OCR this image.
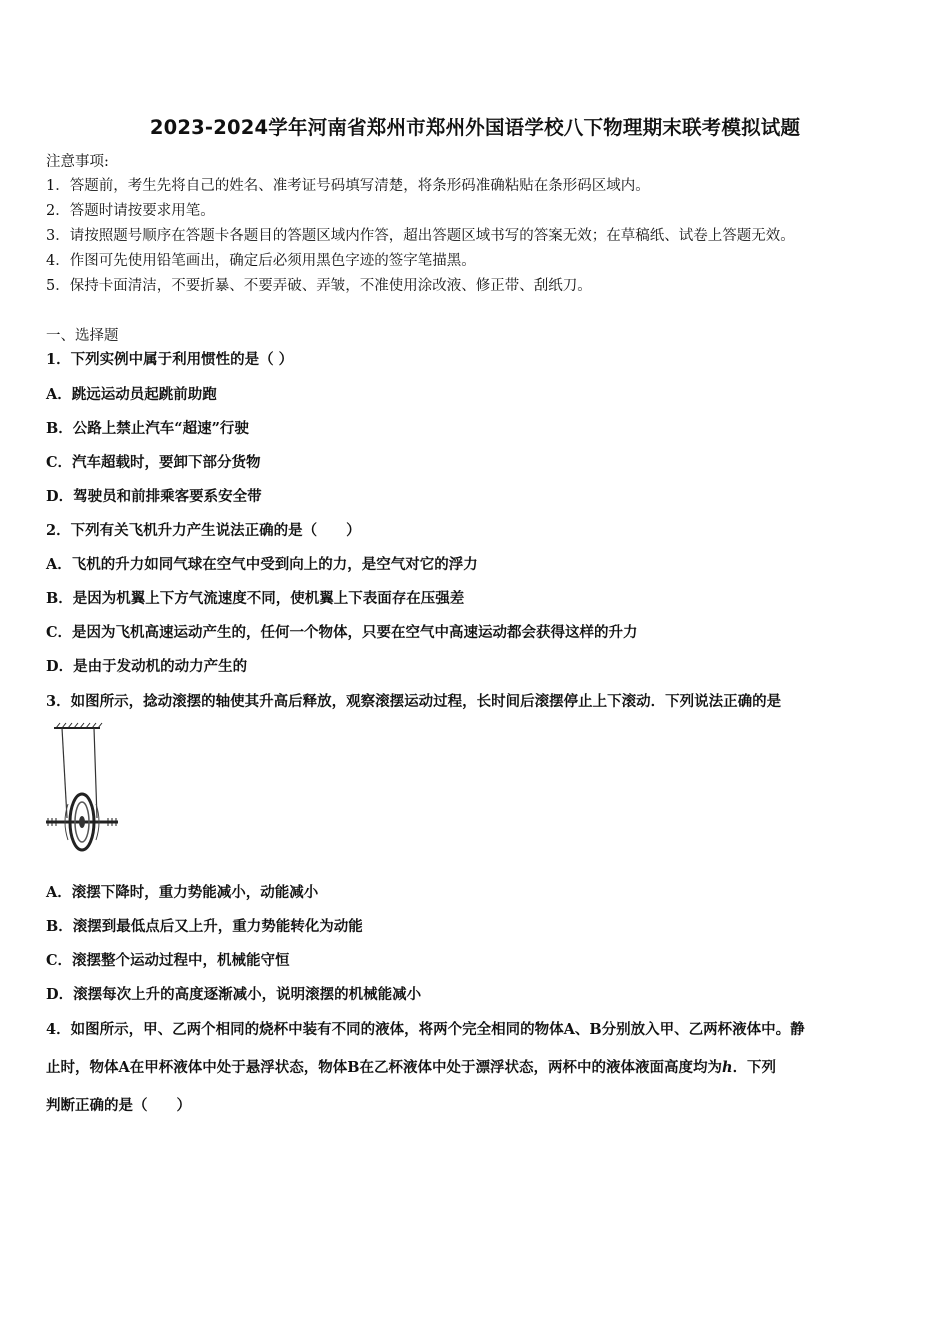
2023-2024学年河南省郑州市郑州外国语学校八下物理期末联考模拟试题
注意事项:
1．答题前，考生先将自己的姓名、准考证号码填写清楚，将条形码准确粘贴在条形码区域内。
2．答题时请按要求用笔。
3．请按照题号顺序在答题卡各题目的答题区域内作答，超出答题区域书写的答案无效；在草稿纸、试卷上答题无效。
4．作图可先使用铅笔画出，确定后必须用黑色字迹的签字笔描黑。
5．保持卡面清洁，不要折暴、不要弄破、弄皱，不准使用涂改液、修正带、刮纸刀。
一、选择题
1．下列实例中属于利用惯性的是（ ）
A．跳远运动员起跳前助跑
B．公路上禁止汽车“超速”行驶
C．汽车超载时，要卸下部分货物
D．驾驶员和前排乘客要系安全带
2．下列有关飞机升力产生说法正确的是（　　）
A．飞机的升力如同气球在空气中受到向上的力，是空气对它的浮力
B．是因为机翼上下方气流速度不同，使机翼上下表面存在压强差
C．是因为飞机高速运动产生的，任何一个物体，只要在空气中高速运动都会获得这样的升力
D．是由于发动机的动力产生的
3．如图所示，捻动滚摆的轴使其升高后释放，观察滚摆运动过程，长时间后滚摆停止上下滚动．下列说法正确的是
A．滚摆下降时，重力势能减小，动能减小
B．滚摆到最低点后又上升，重力势能转化为动能
C．滚摆整个运动过程中，机械能守恒
D．滚摆每次上升的高度逐渐减小，说明滚摆的机械能减小
4．如图所示，甲、乙两个相同的烧杯中装有不同的液体，将两个完全相同的物体A、B分别放入甲、乙两杯液体中。静
止时，物体A在甲杯液体中处于悬浮状态，物体B在乙杯液体中处于漂浮状态，两杯中的液体液面高度均为h．下列
判断正确的是（　　）
